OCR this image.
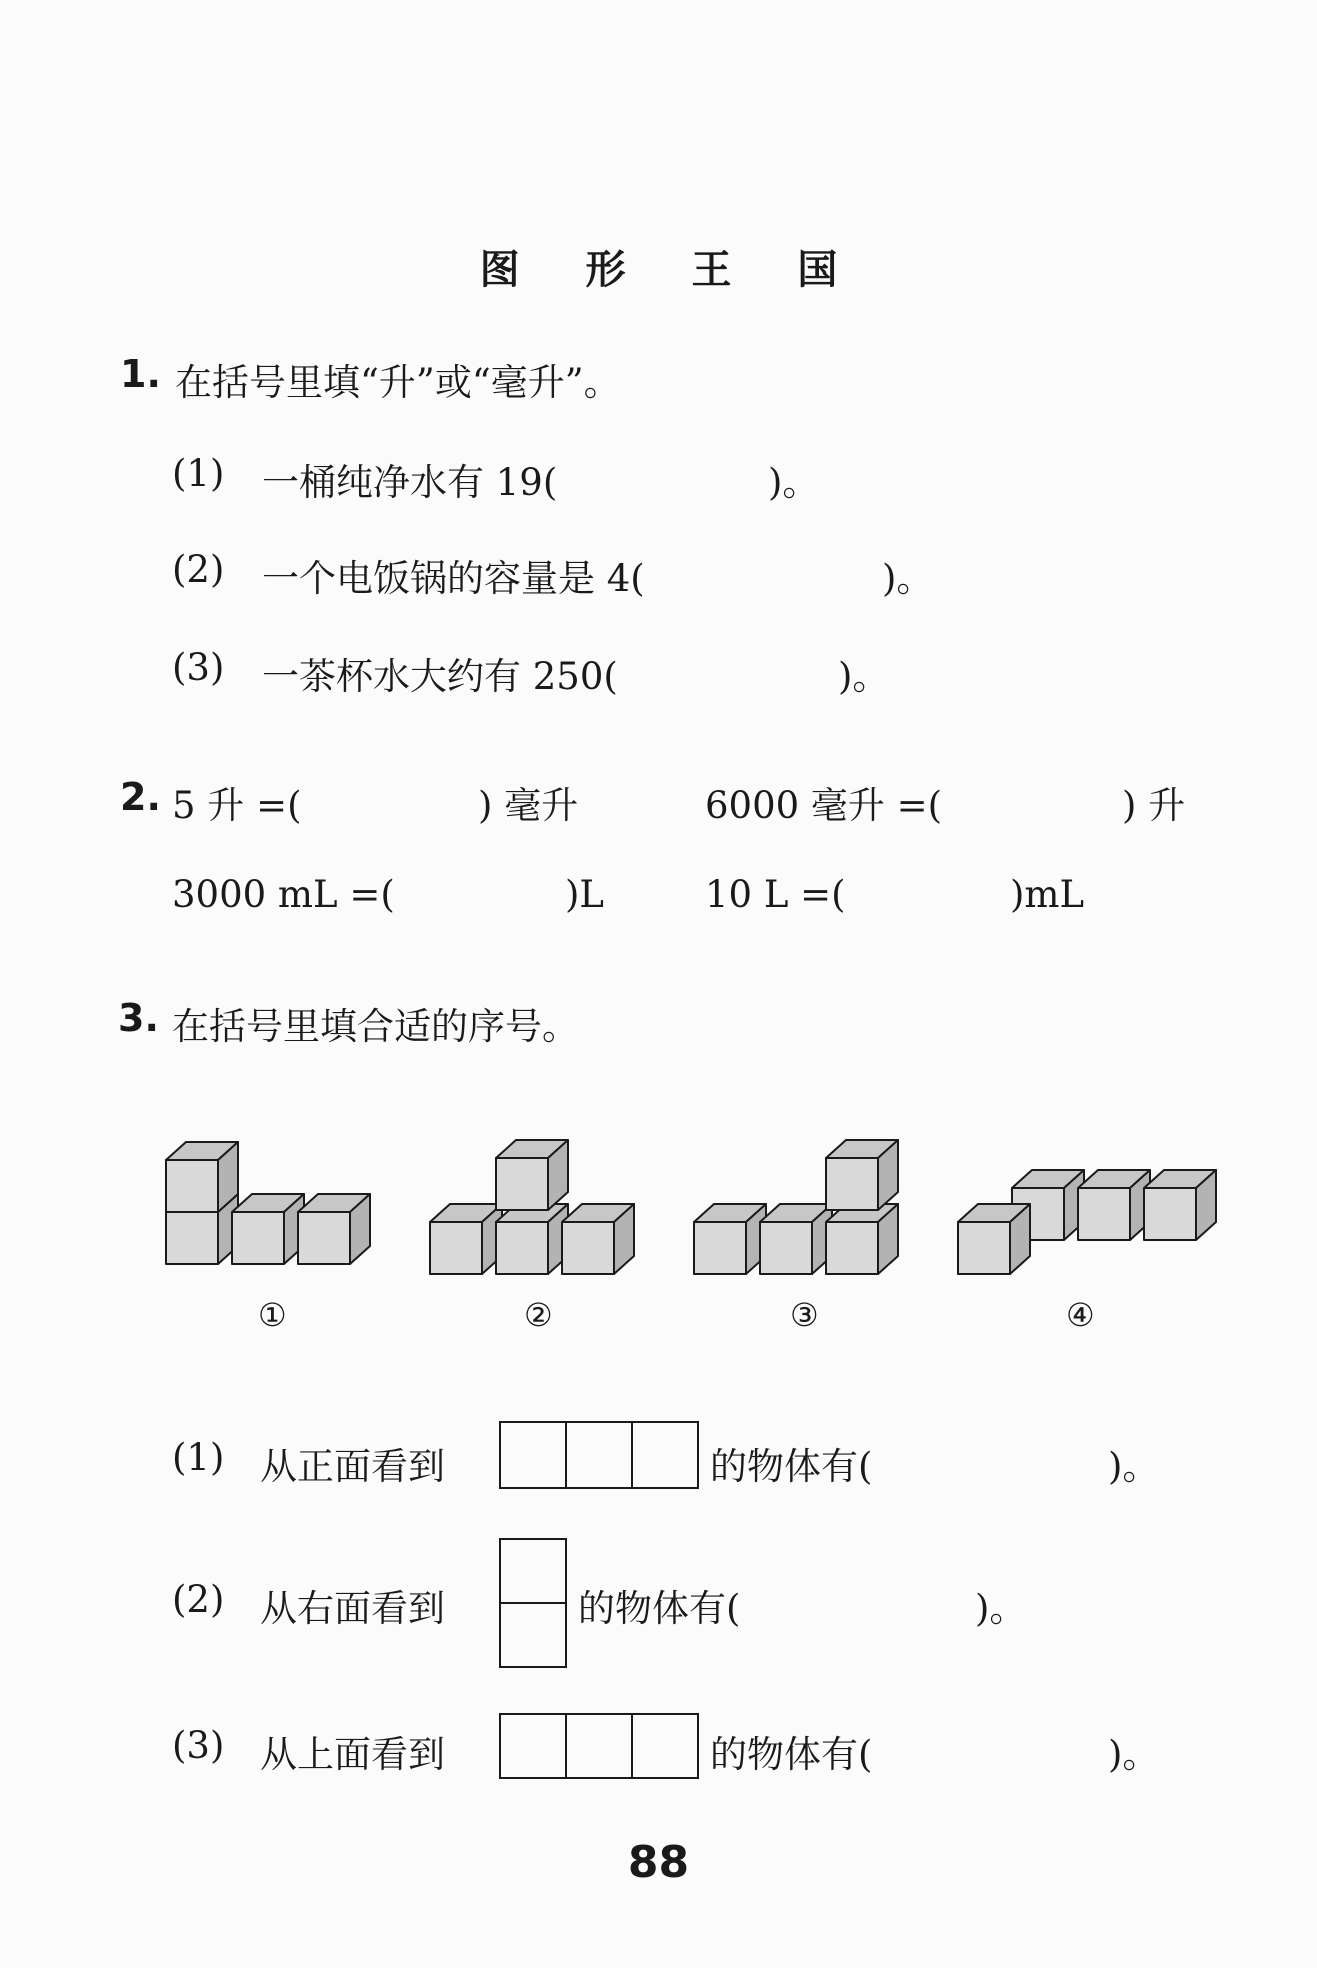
图 形 王 国
1. 在括号里填“升”或“毫升”。
(1) 一桶纯净水有 19(	)。
(2) 一个电饭锅的容量是 4(	)。
(3) 一茶杯水大约有 250(	)。
2. 5 升 =(	) 毫升	6000 毫升 =(	) 升
3000 mL =(	)L	10 L =(	)mL
3. 在括号里填合适的序号。
①	②	③	④
(1) 从正面看到	的物体有(	)。
(2) 从右面看到	的物体有(	)。
(3) 从上面看到	的物体有(	)。
88
